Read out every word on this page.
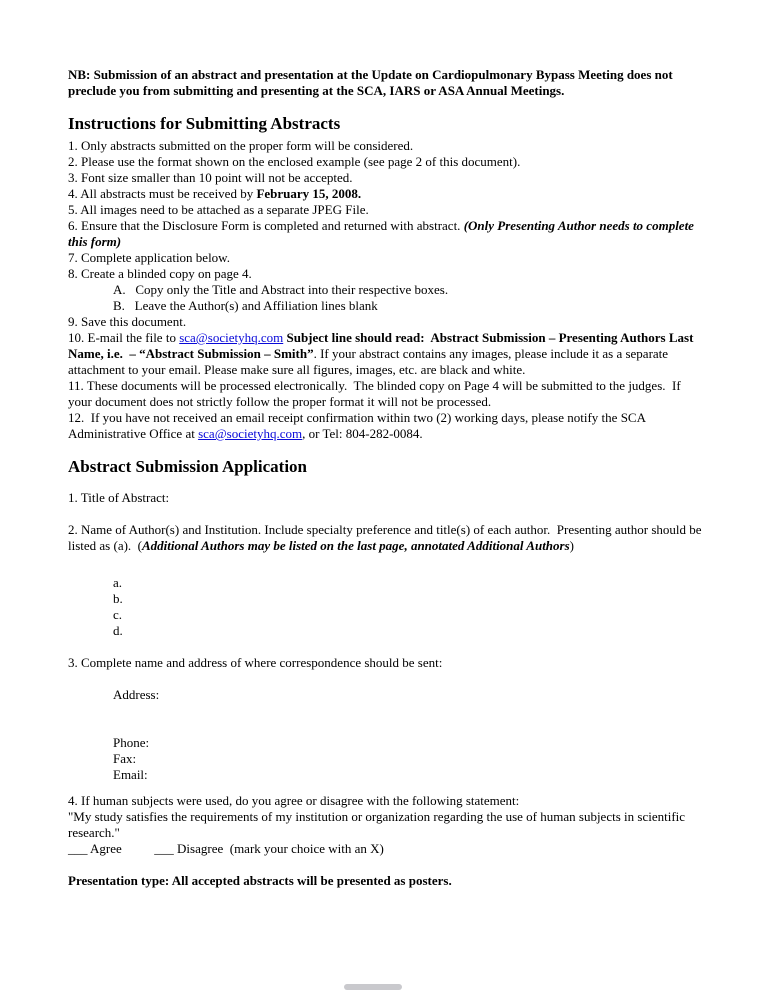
NB: Submission of an abstract and presentation at the Update on Cardiopulmonary Bypass Meeting does not preclude you from submitting and presenting at the SCA, IARS or ASA Annual Meetings.

Instructions for Submitting Abstracts

1. Only abstracts submitted on the proper form will be considered.

2. Please use the format shown on the enclosed example (see page 2 of this document).

3. Font size smaller than 10 point will not be accepted.

4. All abstracts must be received by February 15, 2008.

5. All images need to be attached as a separate JPEG File.

6. Ensure that the Disclosure Form is completed and returned with abstract. (Only Presenting Author needs to complete this form)

7. Complete application below.

8. Create a blinded copy on page 4.

A.   Copy only the Title and Abstract into their respective boxes.

B.   Leave the Author(s) and Affiliation lines blank

9. Save this document.

10. E-mail the file to sca@societyhq.com Subject line should read:  Abstract Submission – Presenting Authors Last Name, i.e.  – “Abstract Submission – Smith”. If your abstract contains any images, please include it as a separate attachment to your email. Please make sure all figures, images, etc. are black and white.

11. These documents will be processed electronically.  The blinded copy on Page 4 will be submitted to the judges.  If your document does not strictly follow the proper format it will not be processed.

12.  If you have not received an email receipt confirmation within two (2) working days, please notify the SCA Administrative Office at sca@societyhq.com, or Tel: 804-282-0084.

Abstract Submission Application

1. Title of Abstract:

2. Name of Author(s) and Institution. Include specialty preference and title(s) of each author.  Presenting author should be listed as (a).  (Additional Authors may be listed on the last page, annotated Additional Authors)

a.

b.

c.

d.

3. Complete name and address of where correspondence should be sent:

Address:

Phone:

Fax:

Email:

4. If human subjects were used, do you agree or disagree with the following statement:

"My study satisfies the requirements of my institution or organization regarding the use of human subjects in scientific research."

___ Agree          ___ Disagree  (mark your choice with an X)

Presentation type: All accepted abstracts will be presented as posters.
